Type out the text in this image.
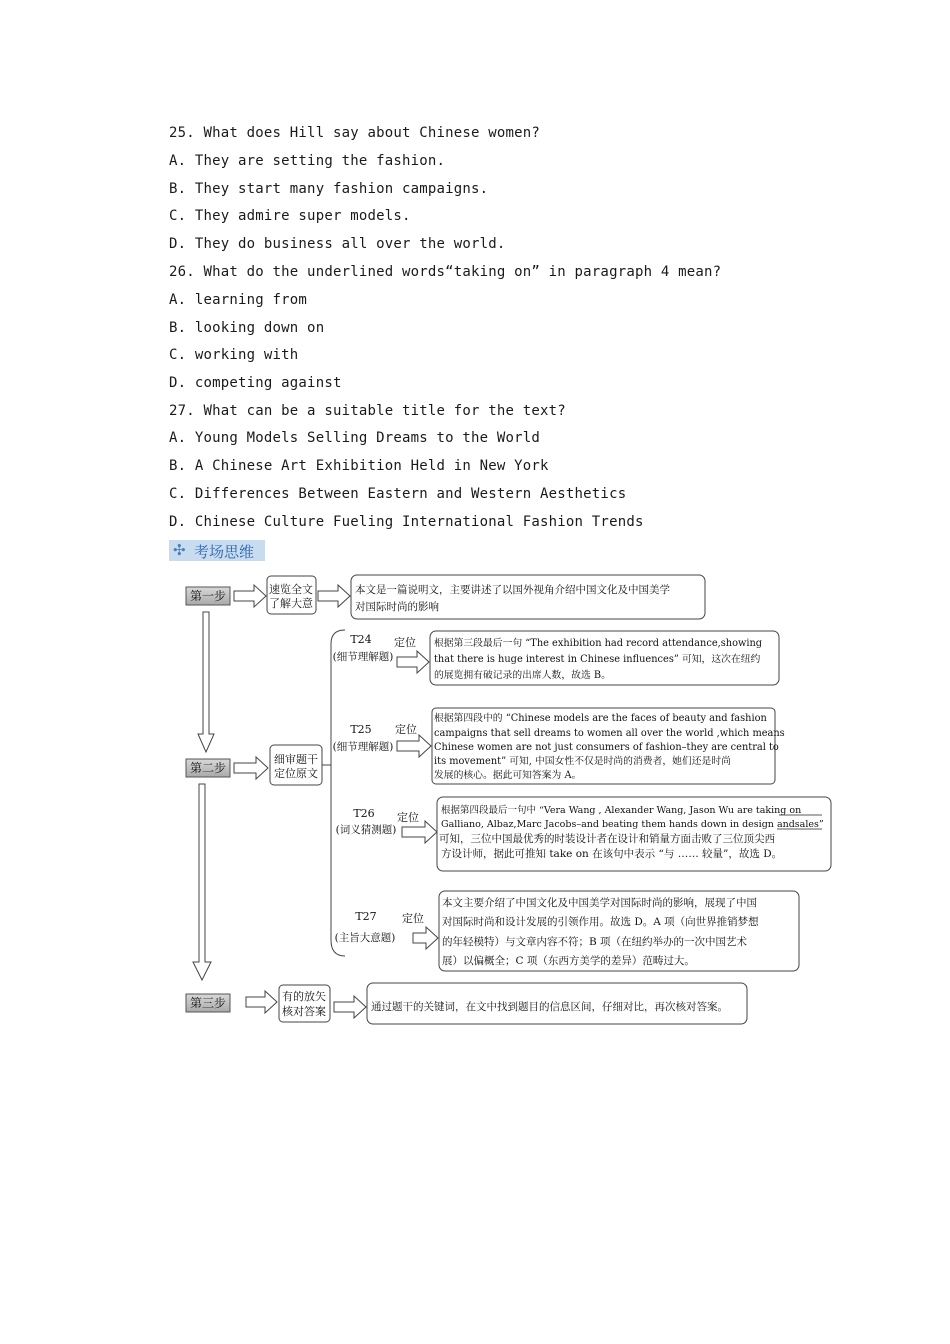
25. What does Hill say about Chinese women?
A. They are setting the fashion.
B. They start many fashion campaigns.
C. They admire super models.
D. They do business all over the world.
26. What do the underlined words“taking on” in paragraph 4 mean?
A. learning from
B. looking down on
C. working with
D. competing against
27. What can be a suitable title for the text?
A. Young Models Selling Dreams to the World
B. A Chinese Art Exhibition Held in New York
C. Differences Between Eastern and Western Aesthetics
D. Chinese Culture Fueling International Fashion Trends
✣ 考场思维
第一步
第二步
第三步
速览全文
了解大意
本文是一篇说明文，主要讲述了以国外视角介绍中国文化及中国美学
对国际时尚的影响
细审题干
定位原文
T24
(细节理解题)
定位 根据第三段最后一句 “The exhibition had record attendance,showing
that there is huge interest in Chinese influences” 可知，这次在纽约
的展览拥有破记录的出席人数，故选 B。
T25
(细节理解题)
定位
根据第四段中的 “Chinese models are the faces of beauty and fashion
campaigns that sell dreams to women all over the world ,which means
Chinese women are not just consumers of fashion–they are central to
its movement” 可知, 中国女性不仅是时尚的消费者，她们还是时尚
发展的核心。据此可知答案为 A。
T26
(词义猜测题)
定位
根据第四段最后一句中 “Vera Wang , Alexander Wang, Jason Wu are taking on
Galliano, Albaz,Marc Jacobs–and beating them hands down in design andsales”
可知，三位中国最优秀的时装设计者在设计和销量方面击败了三位顶尖西
方设计师，据此可推知 take on 在该句中表示 “与 …… 较量”，故选 D。
T27
(主旨大意题)
定位
本文主要介绍了中国文化及中国美学对国际时尚的影响，展现了中国
对国际时尚和设计发展的引领作用。故选 D。A 项（向世界推销梦想
的年轻模特）与文章内容不符；B 项（在纽约举办的一次中国艺术
展）以偏概全；C 项（东西方美学的差异）范畴过大。
有的放矢
核对答案	通过题干的关键词，在文中找到题目的信息区间，仔细对比，再次核对答案。
